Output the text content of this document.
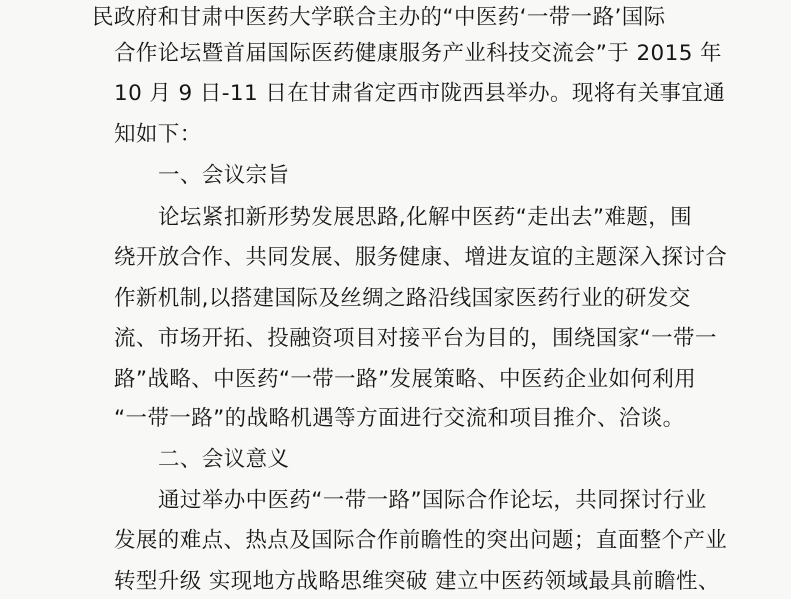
民政府和甘肃中医药大学联合主办的“中医药‘一带一路’国际
合作论坛暨首届国际医药健康服务产业科技交流会”于 2015 年
10 月 9 日-11 日在甘肃省定西市陇西县举办。现将有关事宜通
知如下：
一、会议宗旨
论坛紧扣新形势发展思路,化解中医药“走出去”难题，围
绕开放合作、共同发展、服务健康、增进友谊的主题深入探讨合
作新机制,以搭建国际及丝绸之路沿线国家医药行业的研发交
流、市场开拓、投融资项目对接平台为目的，围绕国家“一带一
路”战略、中医药“一带一路”发展策略、中医药企业如何利用
“一带一路”的战略机遇等方面进行交流和项目推介、洽谈。
二、会议意义
通过举办中医药“一带一路”国际合作论坛，共同探讨行业
发展的难点、热点及国际合作前瞻性的突出问题；直面整个产业
转型升级 实现地方战略思维突破 建立中医药领域最具前瞻性、
